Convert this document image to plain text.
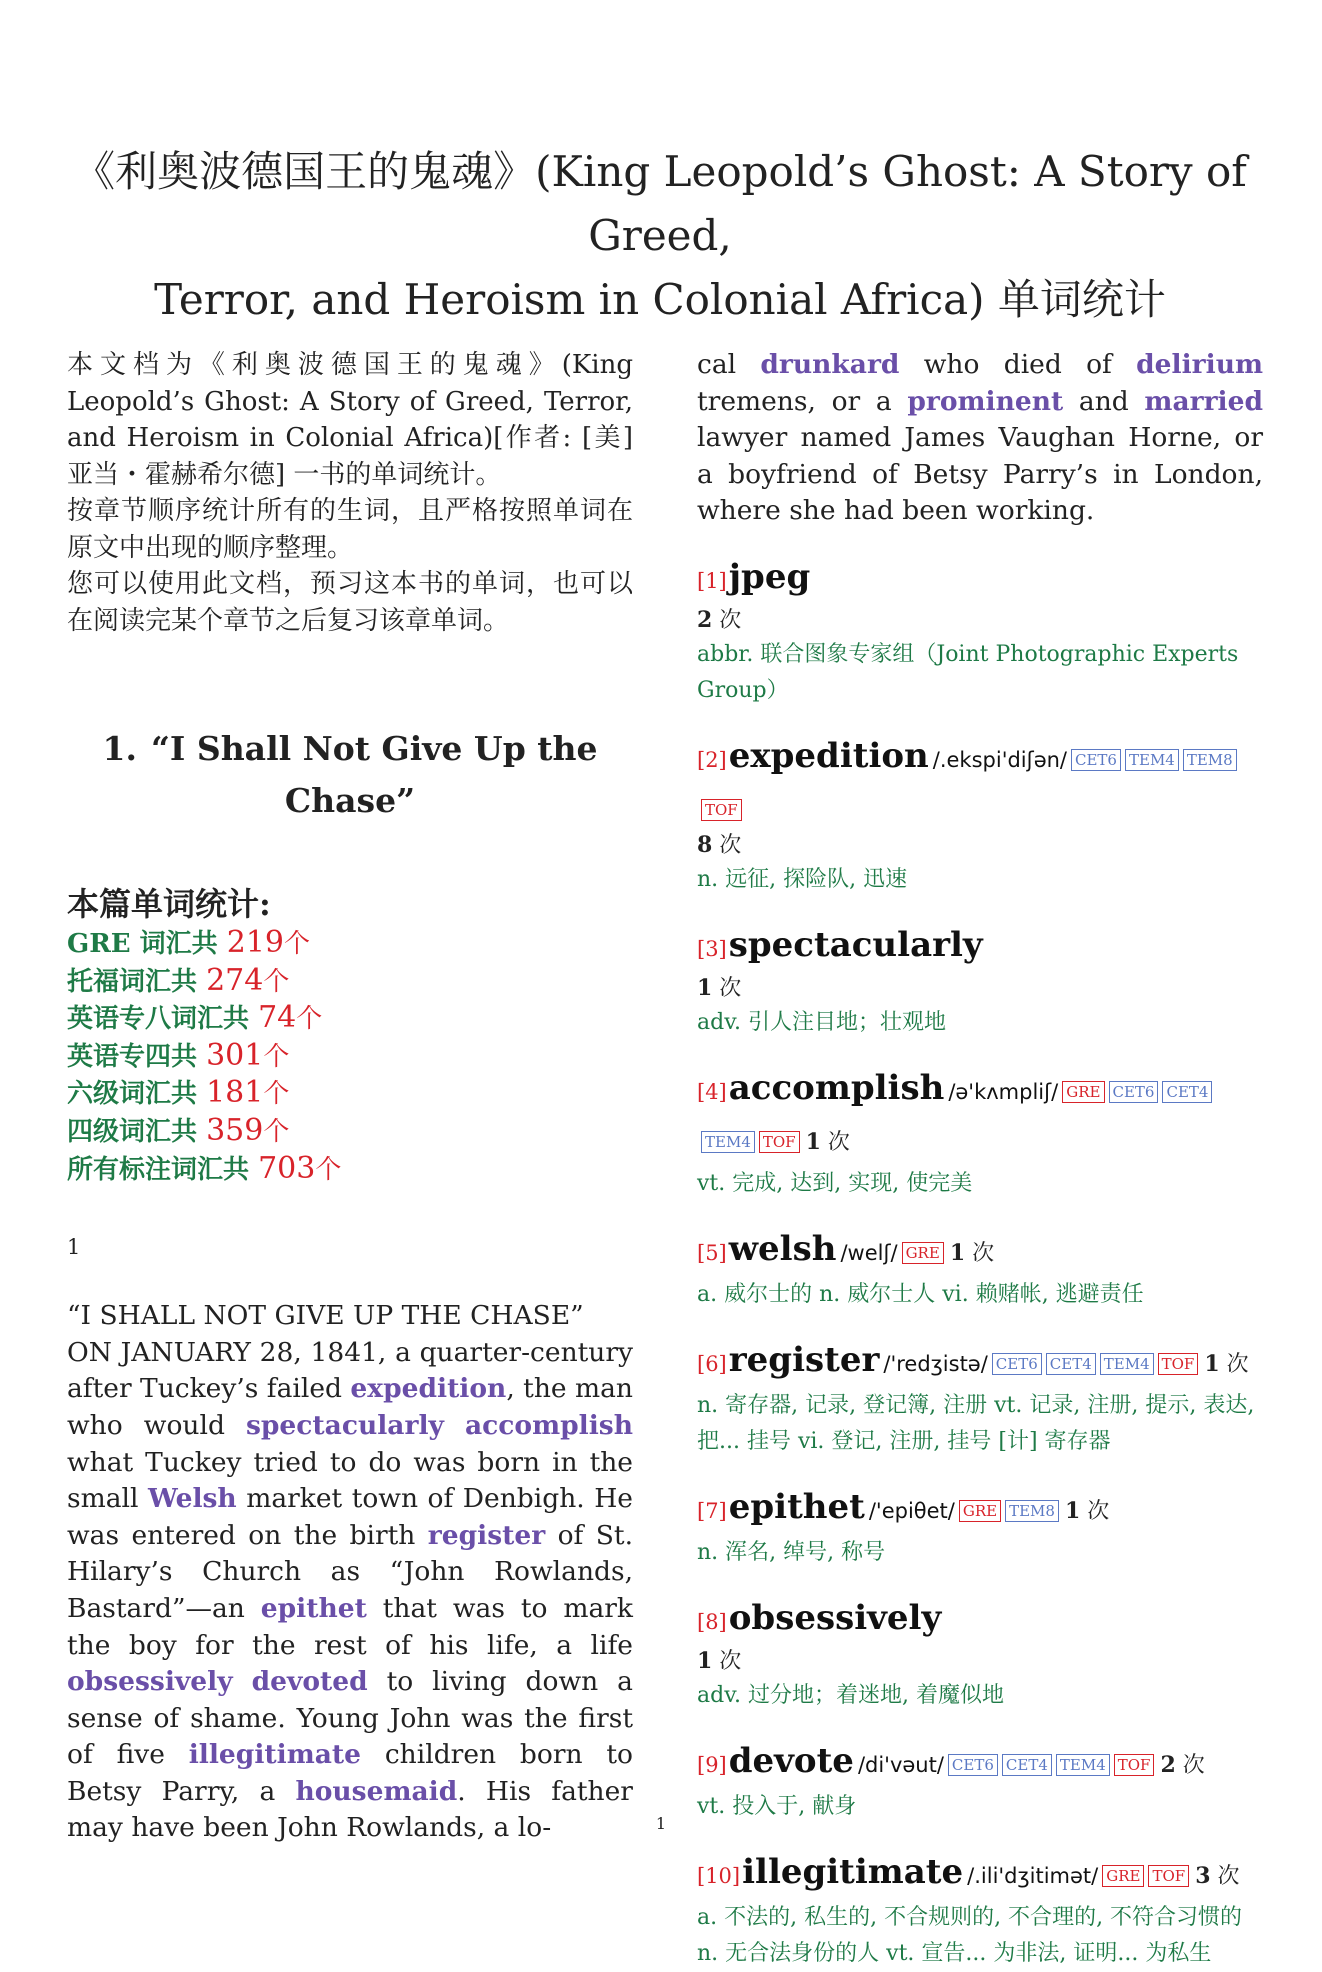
《利奥波德国王的鬼魂》(King Leopold’s Ghost: A Story of Greed,
Terror, and Heroism in Colonial Africa) 单词统计

本文档为《利奥波德国王的鬼魂》(King Leopold’s Ghost: A Story of Greed, Terror, and Heroism in Colonial Africa)[作者: [美] 亚当・霍赫希尔德] 一书的单词统计。

按章节顺序统计所有的生词，且严格按照单词在原文中出现的顺序整理。

您可以使用此文档，预习这本书的单词，也可以在阅读完某个章节之后复习该章单词。

1. “I Shall Not Give Up the Chase”
本篇单词统计:
GRE 词汇共 219个
托福词汇共 274个
英语专八词汇共 74个
英语专四共 301个
六级词汇共 181个
四级词汇共 359个
所有标注词汇共 703个
1

“I SHALL NOT GIVE UP THE CHASE”

ON JANUARY 28, 1841, a quarter-century after Tuckey’s failed expedition, the man who would spectacularly accomplish what Tuckey tried to do was born in the small Welsh market town of Denbigh. He was entered on the birth register of St. Hilary’s Church as “John Rowlands, Bastard”—an epithet that was to mark the boy for the rest of his life, a life obsessively devoted to living down a sense of shame. Young John was the first of five illegitimate children born to Betsy Parry, a housemaid. His father may have been John Rowlands, a lo-

cal drunkard who died of delirium tremens, or a prominent and married lawyer named James Vaughan Horne, or a boyfriend of Betsy Parry’s in London, where she had been working.

[1]jpeg
2 次
abbr. 联合图象专家组（Joint Photographic Experts Group）
[2]expedition /.ekspi'diʃən/ CET6 TEM4 TEM8TOF
8 次
n. 远征, 探险队, 迅速
[3]spectacularly
1 次
adv. 引人注目地；壮观地
[4]accomplish /ə'kʌmpliʃ/ GRE CET6 CET4TEM4 TOF 1 次
vt. 完成, 达到, 实现, 使完美
[5]welsh /welʃ/ GRE 1 次
a. 威尔士的 n. 威尔士人 vi. 赖赌帐, 逃避责任
[6]register /'redʒistə/ CET6 CET4 TEM4 TOF 1 次
n. 寄存器, 记录, 登记簿, 注册 vt. 记录, 注册, 提示, 表达, 把... 挂号 vi. 登记, 注册, 挂号 [计] 寄存器
[7]epithet /'epiθet/ GRE TEM8 1 次
n. 浑名, 绰号, 称号
[8]obsessively
1 次
adv. 过分地；着迷地, 着魔似地
[9]devote /di'vəut/ CET6 CET4 TEM4 TOF 2 次
vt. 投入于, 献身
[10]illegitimate /.ili'dʒitimət/ GRE TOF 3 次
a. 不法的, 私生的, 不合规则的, 不合理的, 不符合习惯的 n. 无合法身份的人 vt. 宣告... 为非法, 证明... 为私生
1
